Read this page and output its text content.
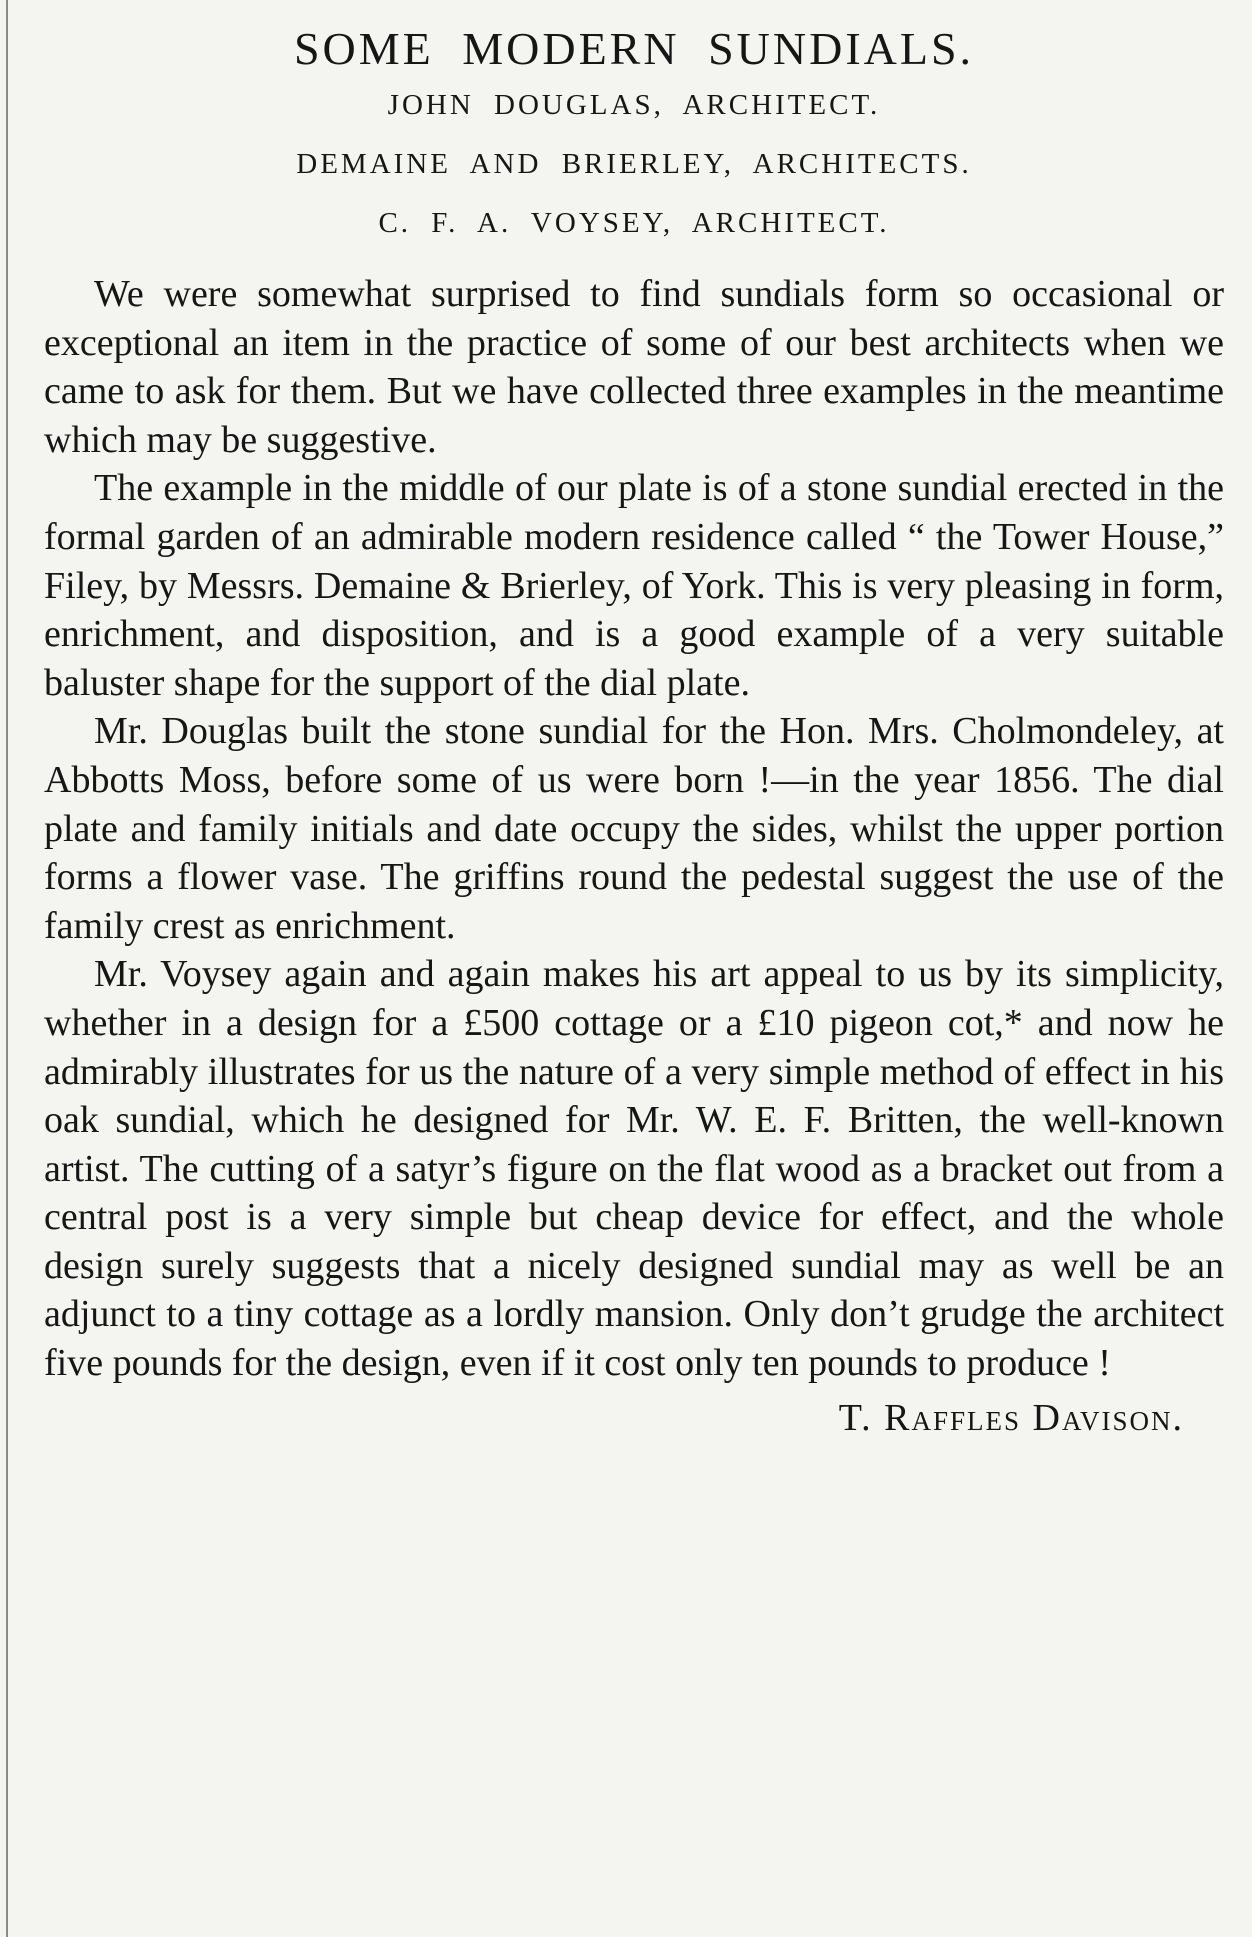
SOME MODERN SUNDIALS.
JOHN DOUGLAS, ARCHITECT.
DEMAINE AND BRIERLEY, ARCHITECTS.
C. F. A. VOYSEY, ARCHITECT.

We were somewhat surprised to find sundials form so occasional or exceptional an item in the practice of some of our best architects when we came to ask for them. But we have collected three examples in the meantime which may be suggestive.

The example in the middle of our plate is of a stone sundial erected in the formal garden of an admirable modern residence called “ the Tower House,” Filey, by Messrs. Demaine & Brierley, of York. This is very pleasing in form, enrichment, and disposition, and is a good example of a very suitable baluster shape for the support of the dial plate.

Mr. Douglas built the stone sundial for the Hon. Mrs. Cholmondeley, at Abbotts Moss, before some of us were born !—in the year 1856. The dial plate and family initials and date occupy the sides, whilst the upper portion forms a flower vase. The griffins round the pedestal suggest the use of the family crest as enrichment.

Mr. Voysey again and again makes his art appeal to us by its simplicity, whether in a design for a £500 cottage or a £10 pigeon cot,* and now he admirably illustrates for us the nature of a very simple method of effect in his oak sundial, which he designed for Mr. W. E. F. Britten, the well-known artist. The cutting of a satyr’s figure on the flat wood as a bracket out from a central post is a very simple but cheap device for effect, and the whole design surely suggests that a nicely designed sundial may as well be an adjunct to a tiny cottage as a lordly mansion. Only don’t grudge the architect five pounds for the design, even if it cost only ten pounds to produce !

T. Raffles Davison.
